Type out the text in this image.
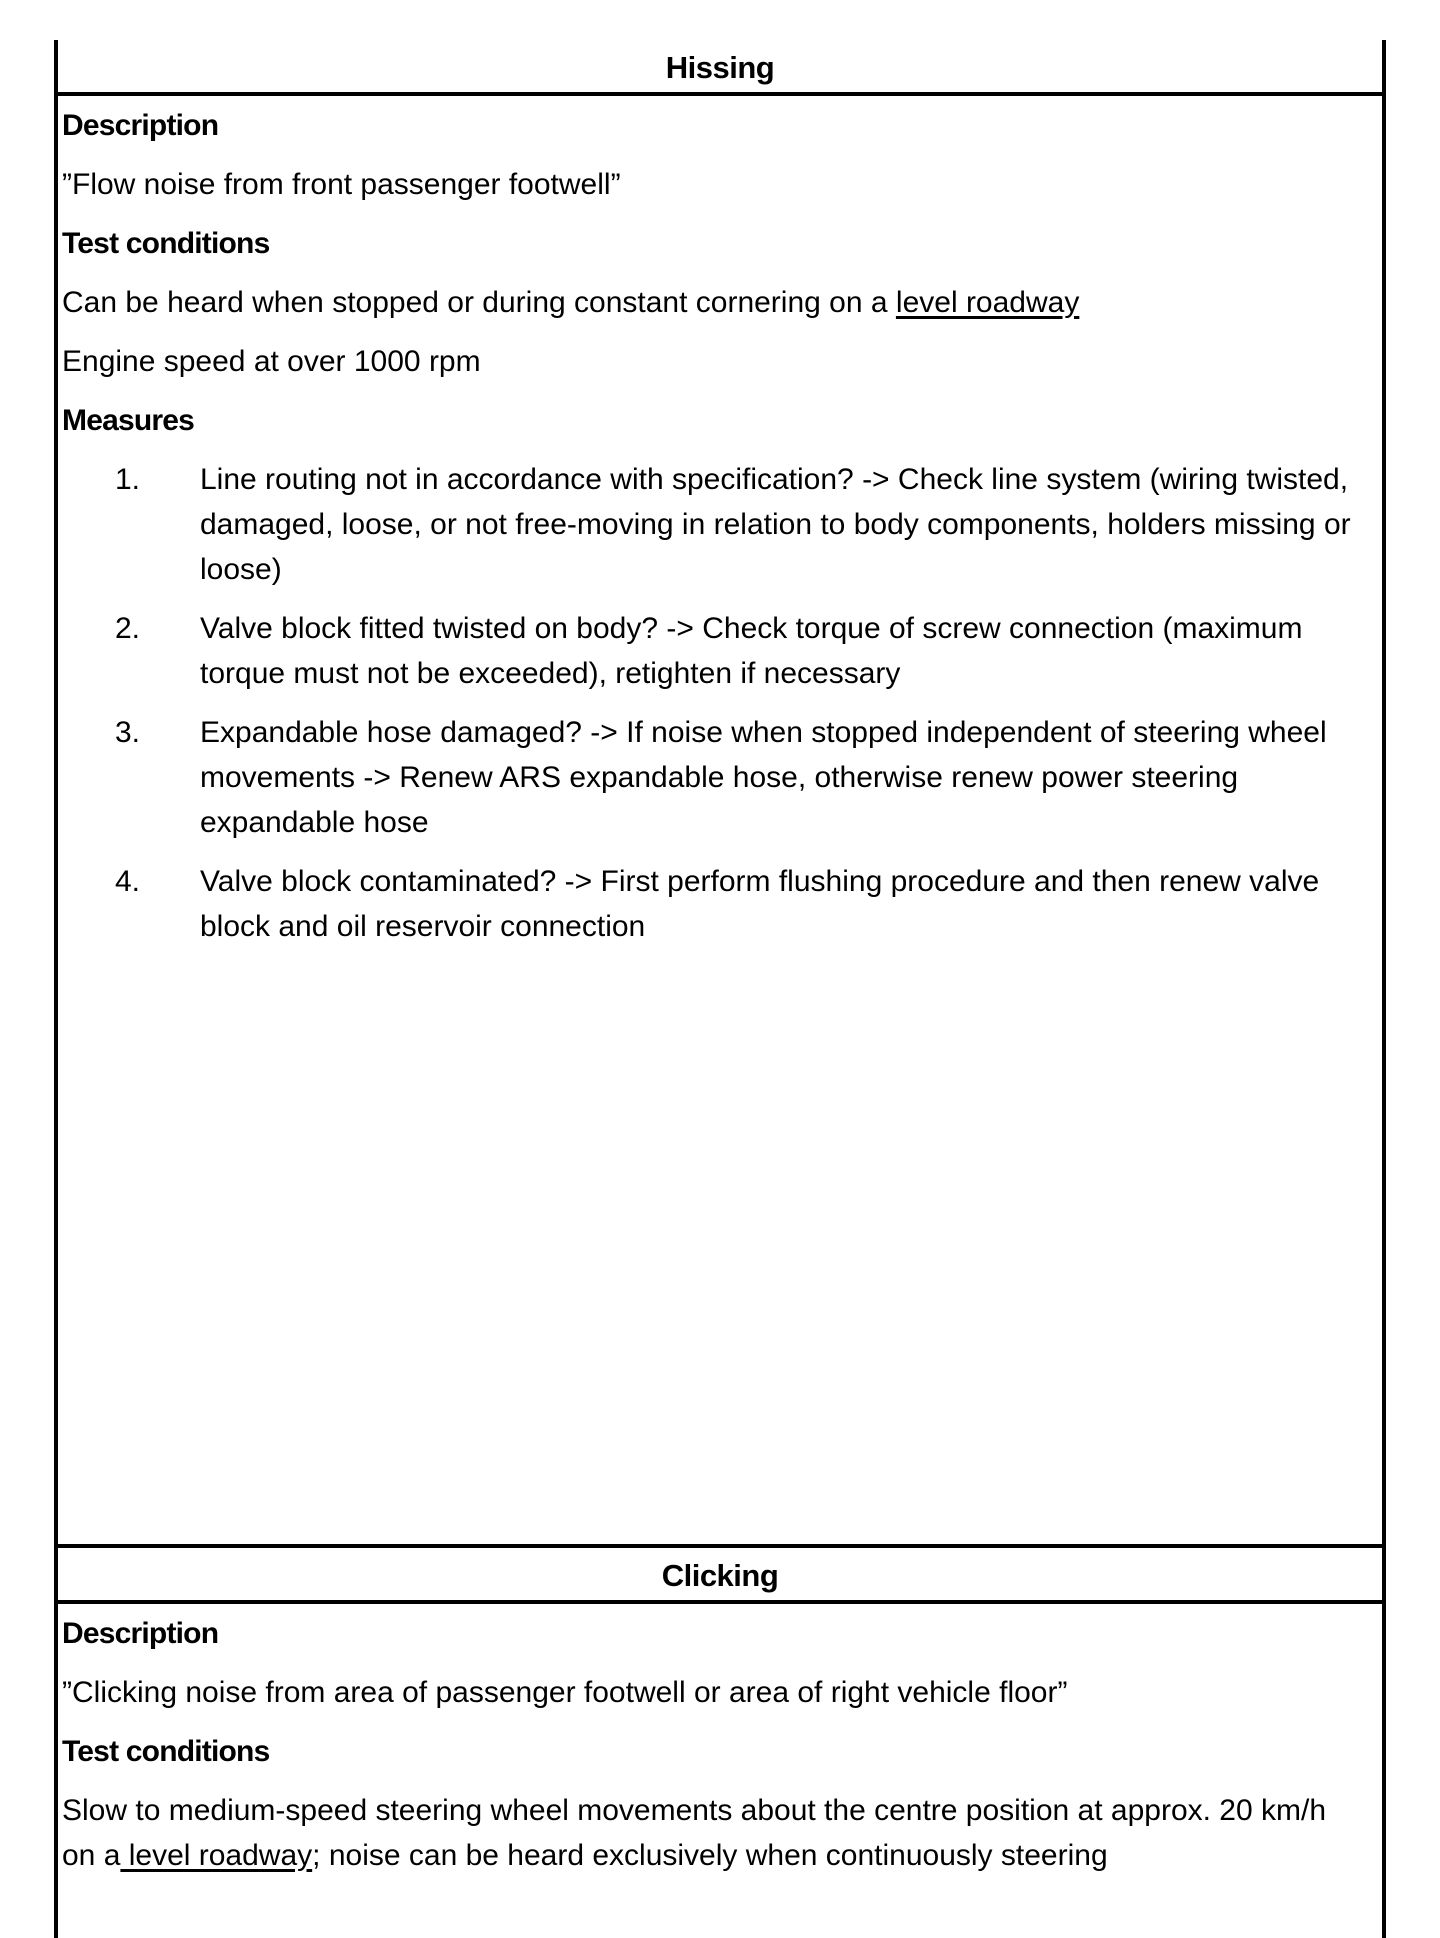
Hissing
Description
”Flow noise from front passenger footwell”
Test conditions
Can be heard when stopped or during constant cornering on a level roadway
Engine speed at over 1000 rpm
Measures
1. Line routing not in accordance with specification? -> Check line system (wiring twisted, damaged, loose, or not free-moving in relation to body components, holders missing or loose)
2. Valve block fitted twisted on body? -> Check torque of screw connection (maximum torque must not be exceeded), retighten if necessary
3. Expandable hose damaged? -> If noise when stopped independent of steering wheel movements -> Renew ARS expandable hose, otherwise renew power steering expandable hose
4. Valve block contaminated? -> First perform flushing procedure and then renew valve block and oil reservoir connection
Clicking
Description
”Clicking noise from area of passenger footwell or area of right vehicle floor”
Test conditions
Slow to medium-speed steering wheel movements about the centre position at approx. 20 km/h on a level roadway; noise can be heard exclusively when continuously steering
